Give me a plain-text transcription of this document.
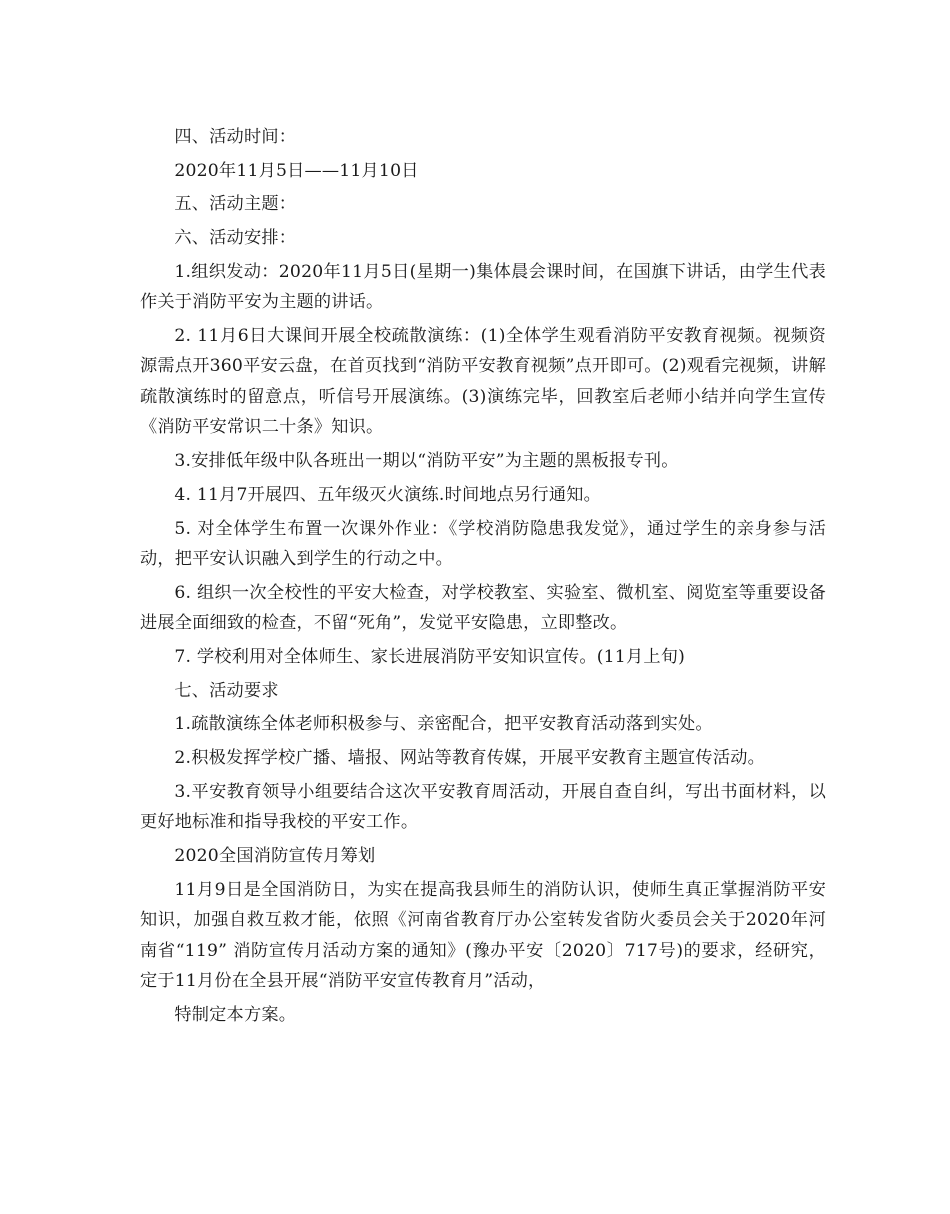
四、活动时间：

2020年11月5日——11月10日

五、活动主题：

六、活动安排：

1.组织发动：2020年11月5日(星期一)集体晨会课时间，在国旗下讲话，由学生代表作关于消防平安为主题的讲话。

2. 11月6日大课间开展全校疏散演练：(1)全体学生观看消防平安教育视频。视频资源需点开360平安云盘，在首页找到“消防平安教育视频”点开即可。(2)观看完视频，讲解疏散演练时的留意点，听信号开展演练。(3)演练完毕，回教室后老师小结并向学生宣传《消防平安常识二十条》知识。

3.安排低年级中队各班出一期以“消防平安”为主题的黑板报专刊。

4. 11月7开展四、五年级灭火演练.时间地点另行通知。

5. 对全体学生布置一次课外作业：《学校消防隐患我发觉》，通过学生的亲身参与活动，把平安认识融入到学生的行动之中。

6. 组织一次全校性的平安大检查，对学校教室、实验室、微机室、阅览室等重要设备进展全面细致的检查，不留“死角”，发觉平安隐患，立即整改。

7. 学校利用对全体师生、家长进展消防平安知识宣传。(11月上旬)

七、活动要求

1.疏散演练全体老师积极参与、亲密配合，把平安教育活动落到实处。

2.积极发挥学校广播、墙报、网站等教育传媒，开展平安教育主题宣传活动。

3.平安教育领导小组要结合这次平安教育周活动，开展自查自纠，写出书面材料，以更好地标准和指导我校的平安工作。

2020全国消防宣传月筹划

11月9日是全国消防日，为实在提高我县师生的消防认识，使师生真正掌握消防平安知识，加强自救互救才能，依照《河南省教育厅办公室转发省防火委员会关于2020年河南省“119” 消防宣传月活动方案的通知》(豫办平安〔2020〕717号)的要求，经研究，定于11月份在全县开展“消防平安宣传教育月”活动，

特制定本方案。
